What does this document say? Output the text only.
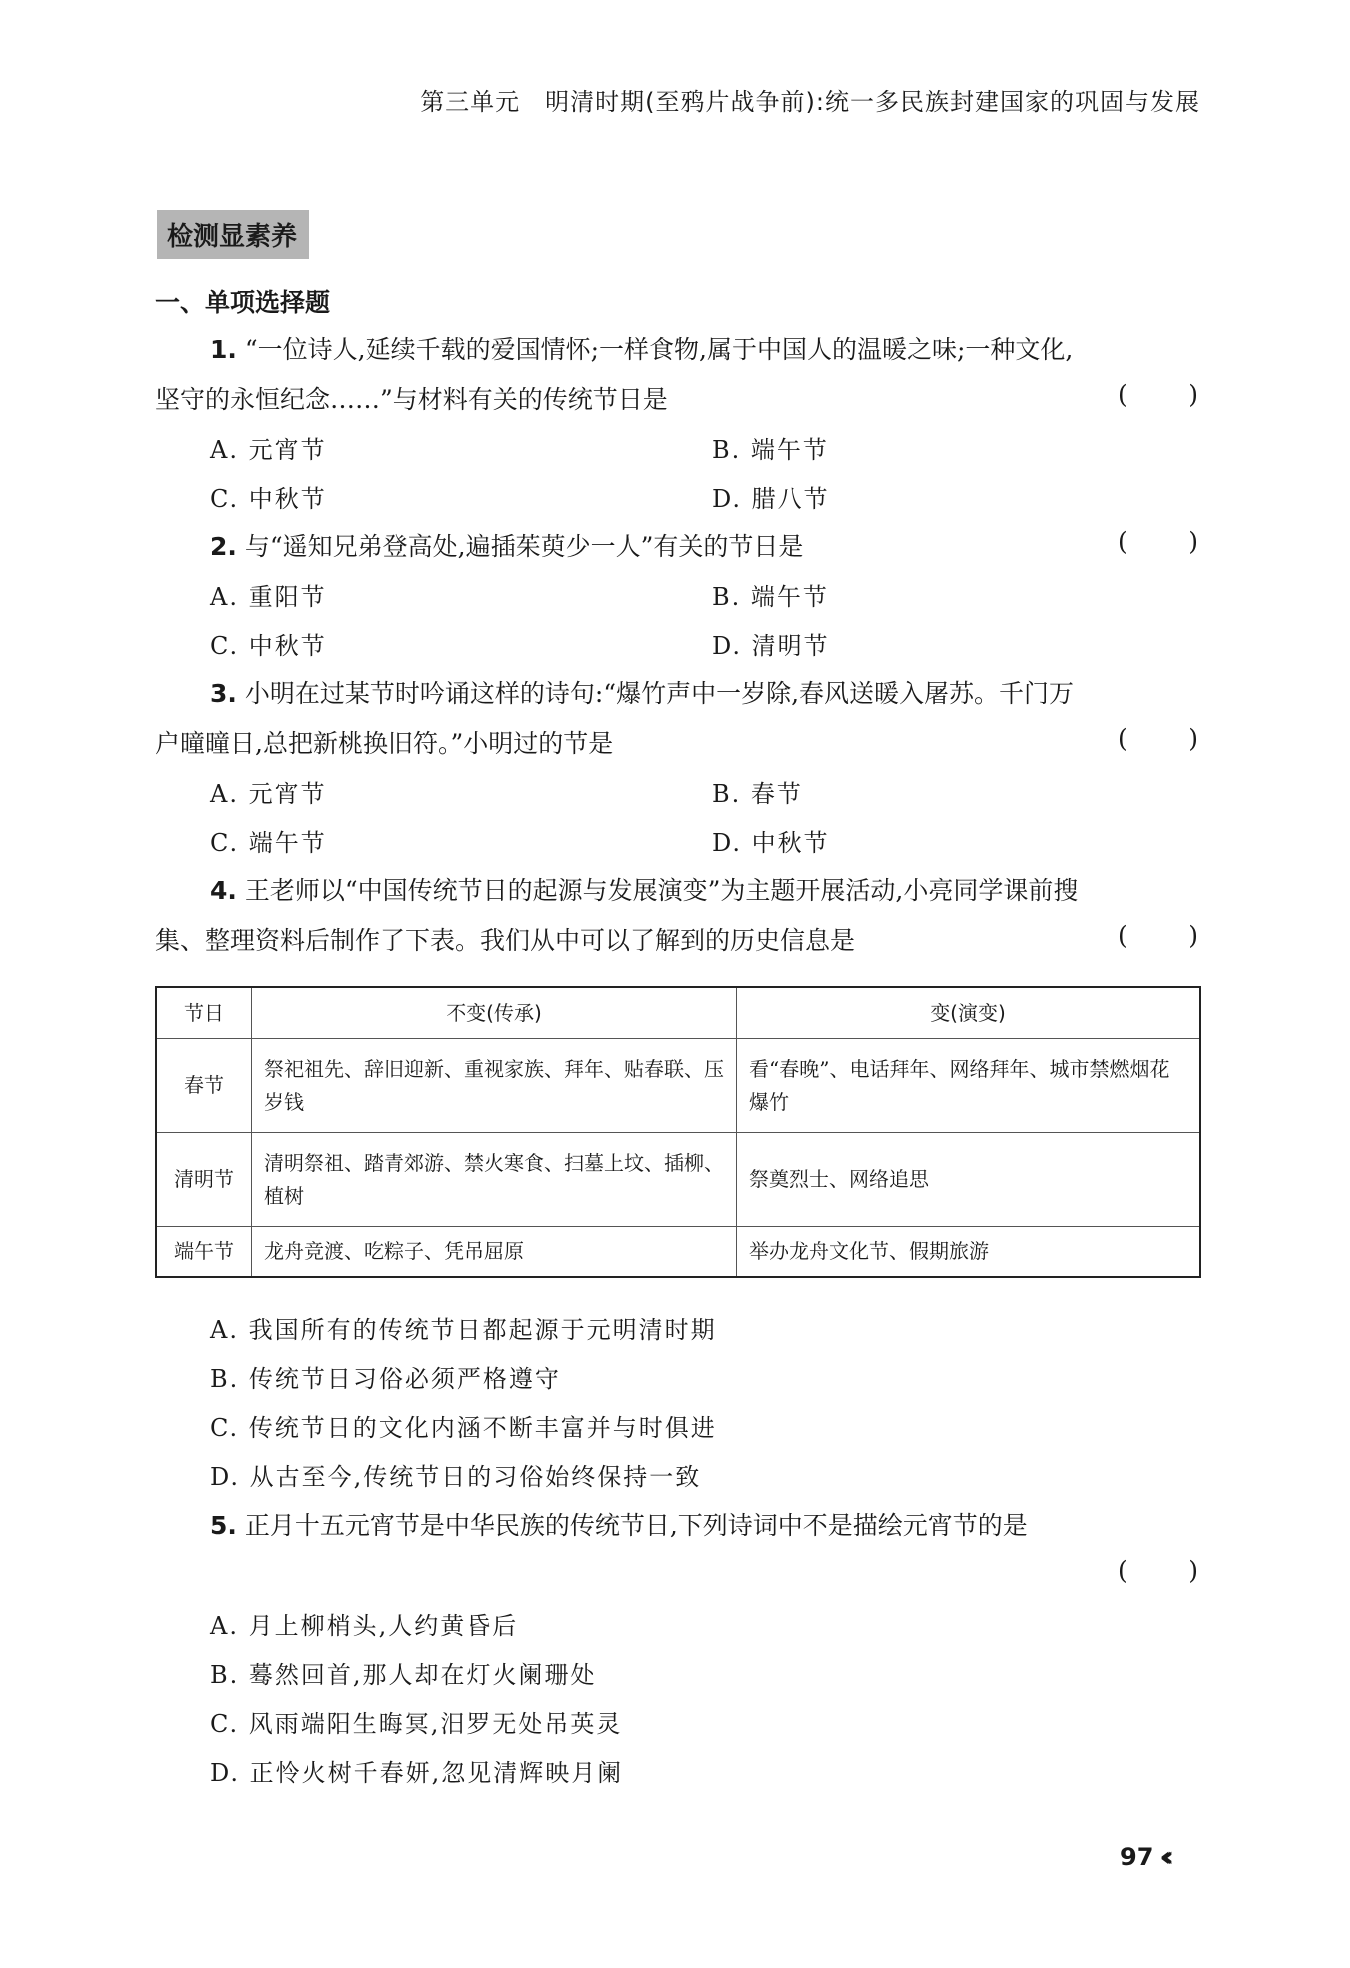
第三单元　明清时期(至鸦片战争前):统一多民族封建国家的巩固与发展
检测显素养
一、单项选择题
1. “一位诗人,延续千载的爱国情怀;一样食物,属于中国人的温暖之味;一种文化,
坚守的永恒纪念……”与材料有关的传统节日是	( )
A. 元宵节	B. 端午节
C. 中秋节	D. 腊八节
2. 与“遥知兄弟登高处,遍插茱萸少一人”有关的节日是	( )
A. 重阳节	B. 端午节
C. 中秋节	D. 清明节
3. 小明在过某节时吟诵这样的诗句:“爆竹声中一岁除,春风送暖入屠苏。千门万
户曈曈日,总把新桃换旧符。”小明过的节是	( )
A. 元宵节	B. 春节
C. 端午节	D. 中秋节
4. 王老师以“中国传统节日的起源与发展演变”为主题开展活动,小亮同学课前搜
集、整理资料后制作了下表。我们从中可以了解到的历史信息是	( )
节日	不变(传承)	变(演变)
春节	祭祀祖先、辞旧迎新、重视家族、拜年、贴春联、压岁钱	看“春晚”、电话拜年、网络拜年、城市禁燃烟花爆竹
清明节	清明祭祖、踏青郊游、禁火寒食、扫墓上坟、插柳、植树	祭奠烈士、网络追思
端午节	龙舟竞渡、吃粽子、凭吊屈原	举办龙舟文化节、假期旅游
A. 我国所有的传统节日都起源于元明清时期
B. 传统节日习俗必须严格遵守
C. 传统节日的文化内涵不断丰富并与时俱进
D. 从古至今,传统节日的习俗始终保持一致
5. 正月十五元宵节是中华民族的传统节日,下列诗词中不是描绘元宵节的是
( )
A. 月上柳梢头,人约黄昏后
B. 蓦然回首,那人却在灯火阑珊处
C. 风雨端阳生晦冥,汨罗无处吊英灵
D. 正怜火树千春妍,忽见清辉映月阑
97 ‹‹‹
